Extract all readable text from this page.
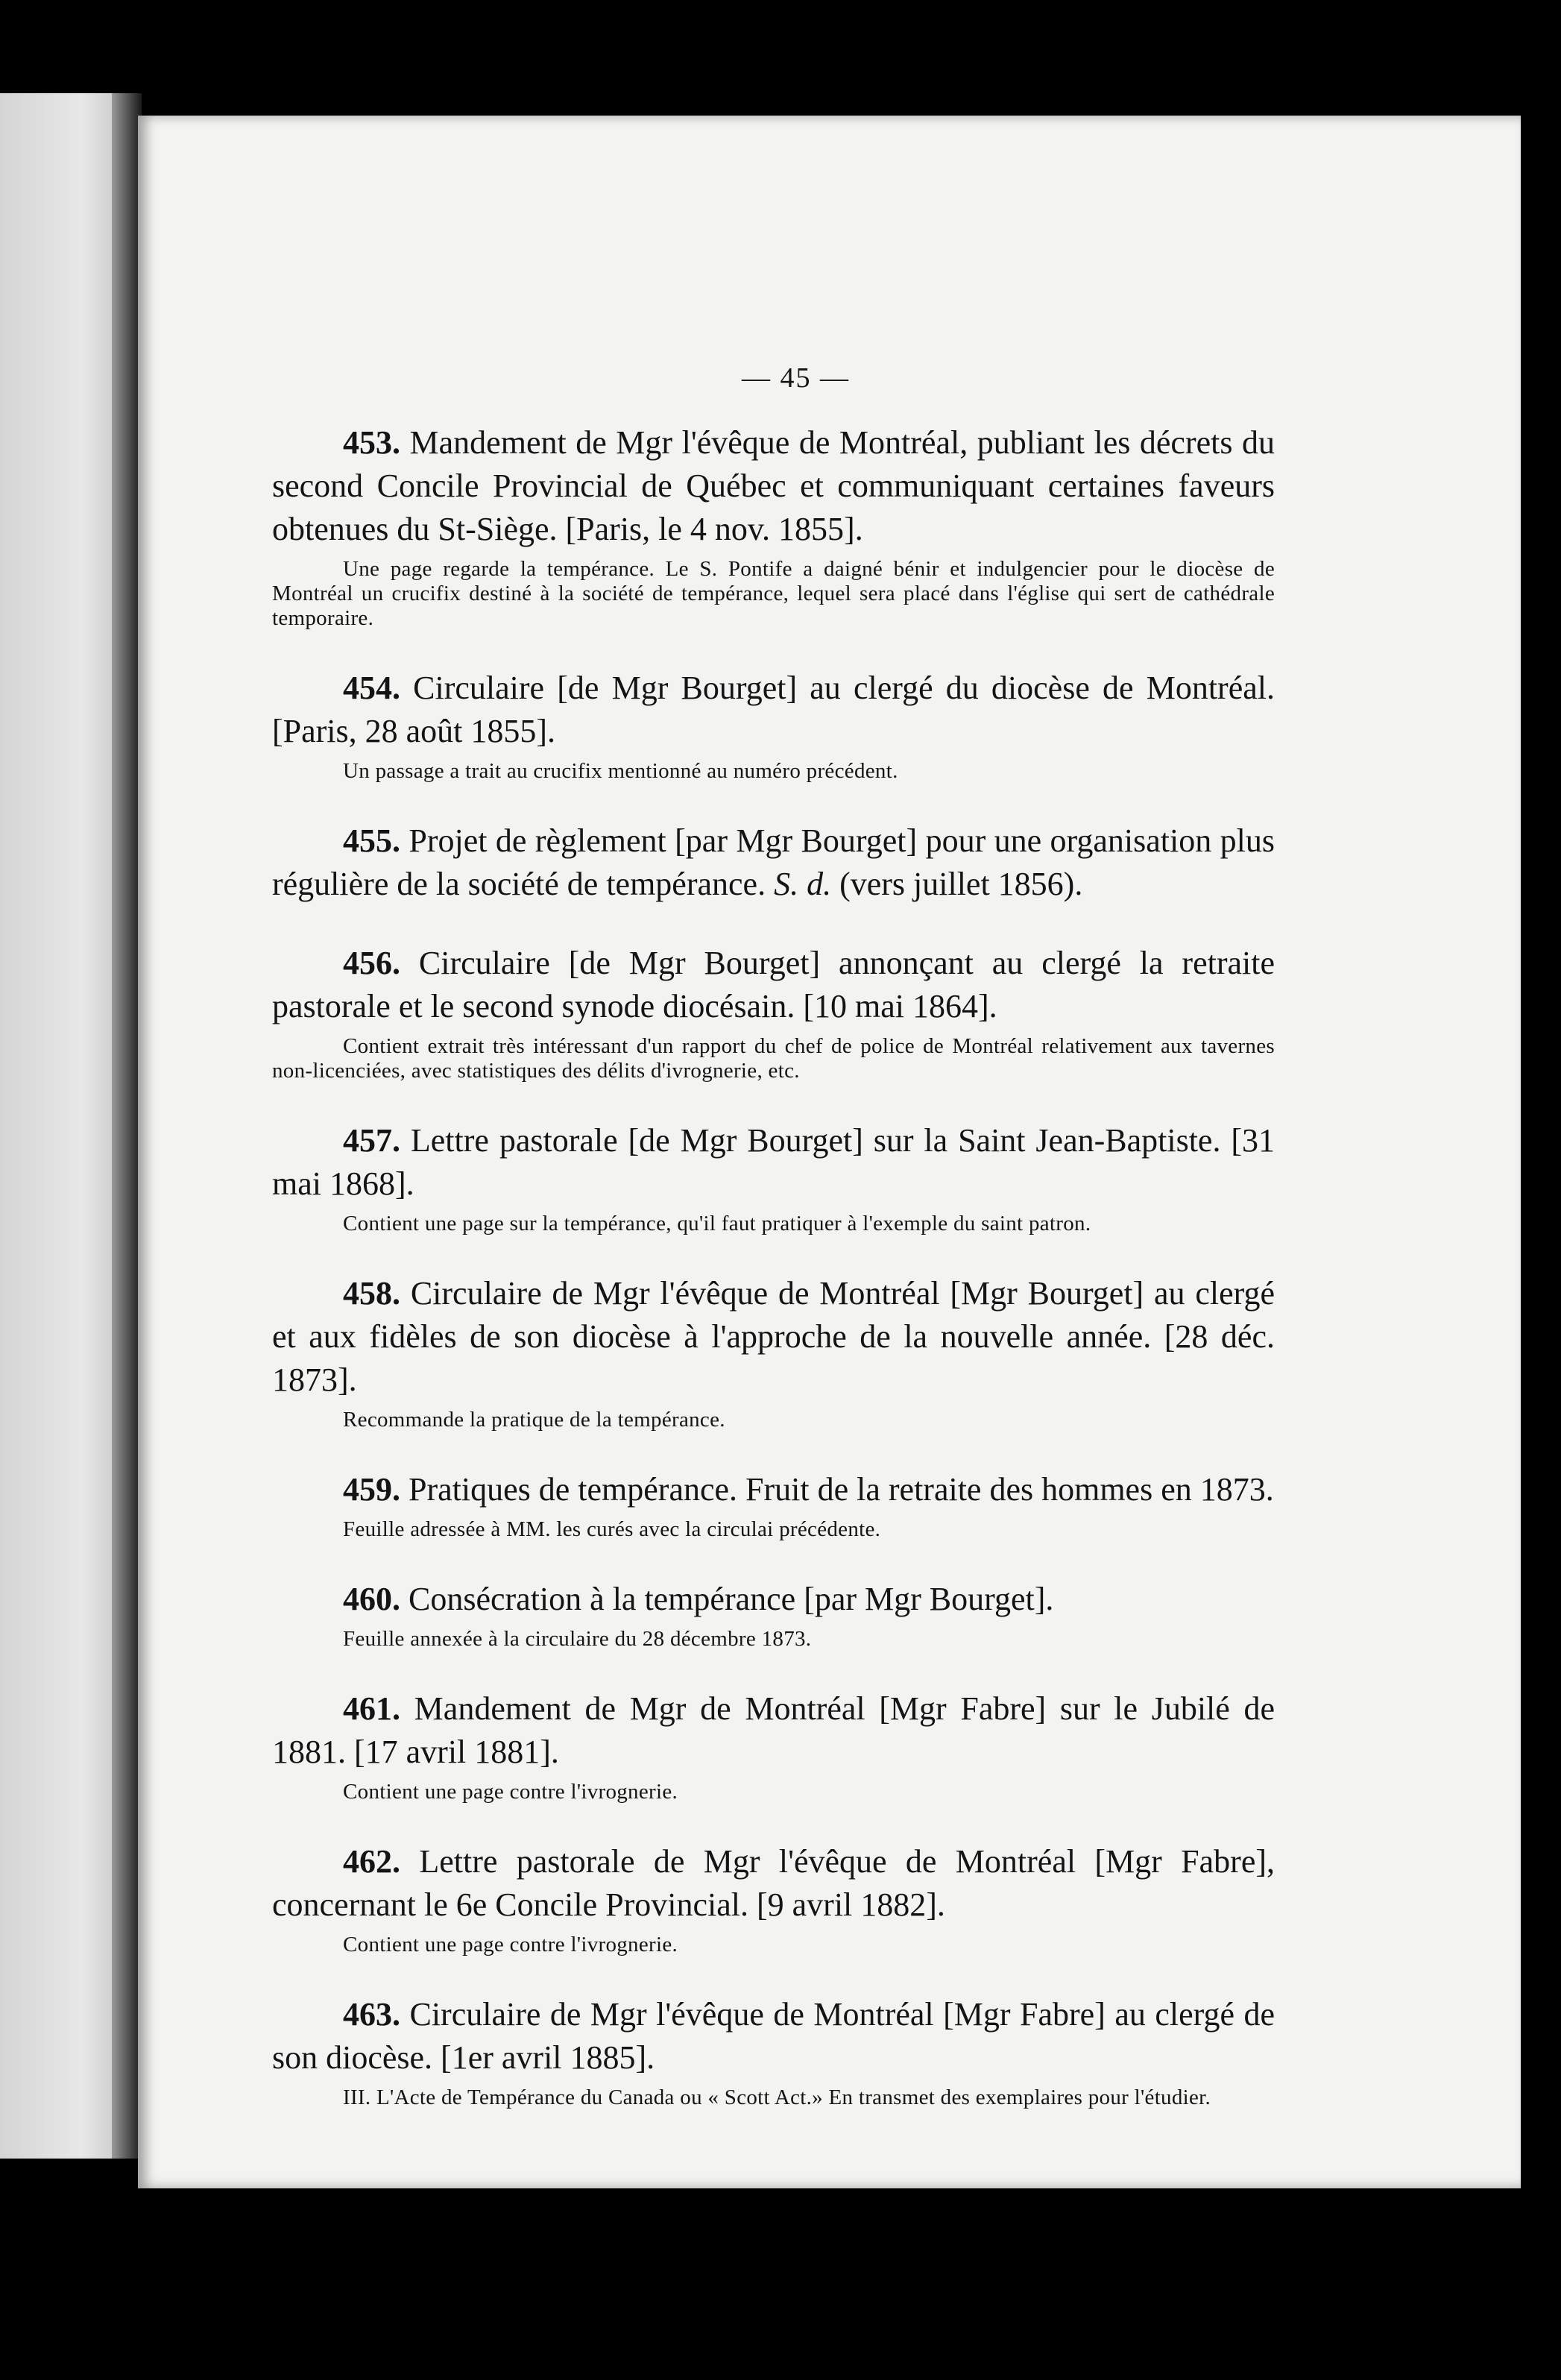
— 45 —

453. Mandement de Mgr l'évêque de Montréal, publiant les décrets du second Concile Provincial de Québec et communiquant certaines faveurs obtenues du St-Siège. [Paris, le 4 nov. 1855].

Une page regarde la tempérance. Le S. Pontife a daigné bénir et indulgencier pour le diocèse de Montréal un crucifix destiné à la société de tempérance, lequel sera placé dans l'église qui sert de cathédrale temporaire.

454. Circulaire [de Mgr Bourget] au clergé du diocèse de Montréal. [Paris, 28 août 1855].

Un passage a trait au crucifix mentionné au numéro précédent.

455. Projet de règlement [par Mgr Bourget] pour une organisation plus régulière de la société de tempérance. S. d. (vers juillet 1856).

456. Circulaire [de Mgr Bourget] annonçant au clergé la retraite pastorale et le second synode diocésain. [10 mai 1864].

Contient extrait très intéressant d'un rapport du chef de police de Montréal relativement aux tavernes non-licenciées, avec statistiques des délits d'ivrognerie, etc.

457. Lettre pastorale [de Mgr Bourget] sur la Saint Jean-Baptiste. [31 mai 1868].

Contient une page sur la tempérance, qu'il faut pratiquer à l'exemple du saint patron.

458. Circulaire de Mgr l'évêque de Montréal [Mgr Bourget] au clergé et aux fidèles de son diocèse à l'approche de la nouvelle année. [28 déc. 1873].

Recommande la pratique de la tempérance.

459. Pratiques de tempérance. Fruit de la retraite des hommes en 1873.

Feuille adressée à MM. les curés avec la circulai précédente.

460. Consécration à la tempérance [par Mgr Bourget].

Feuille annexée à la circulaire du 28 décembre 1873.

461. Mandement de Mgr de Montréal [Mgr Fabre] sur le Jubilé de 1881. [17 avril 1881].

Contient une page contre l'ivrognerie.

462. Lettre pastorale de Mgr l'évêque de Montréal [Mgr Fabre], concernant le 6e Concile Provincial. [9 avril 1882].

Contient une page contre l'ivrognerie.

463. Circulaire de Mgr l'évêque de Montréal [Mgr Fabre] au clergé de son diocèse. [1er avril 1885].

III. L'Acte de Tempérance du Canada ou « Scott Act.» En transmet des exemplaires pour l'étudier.
